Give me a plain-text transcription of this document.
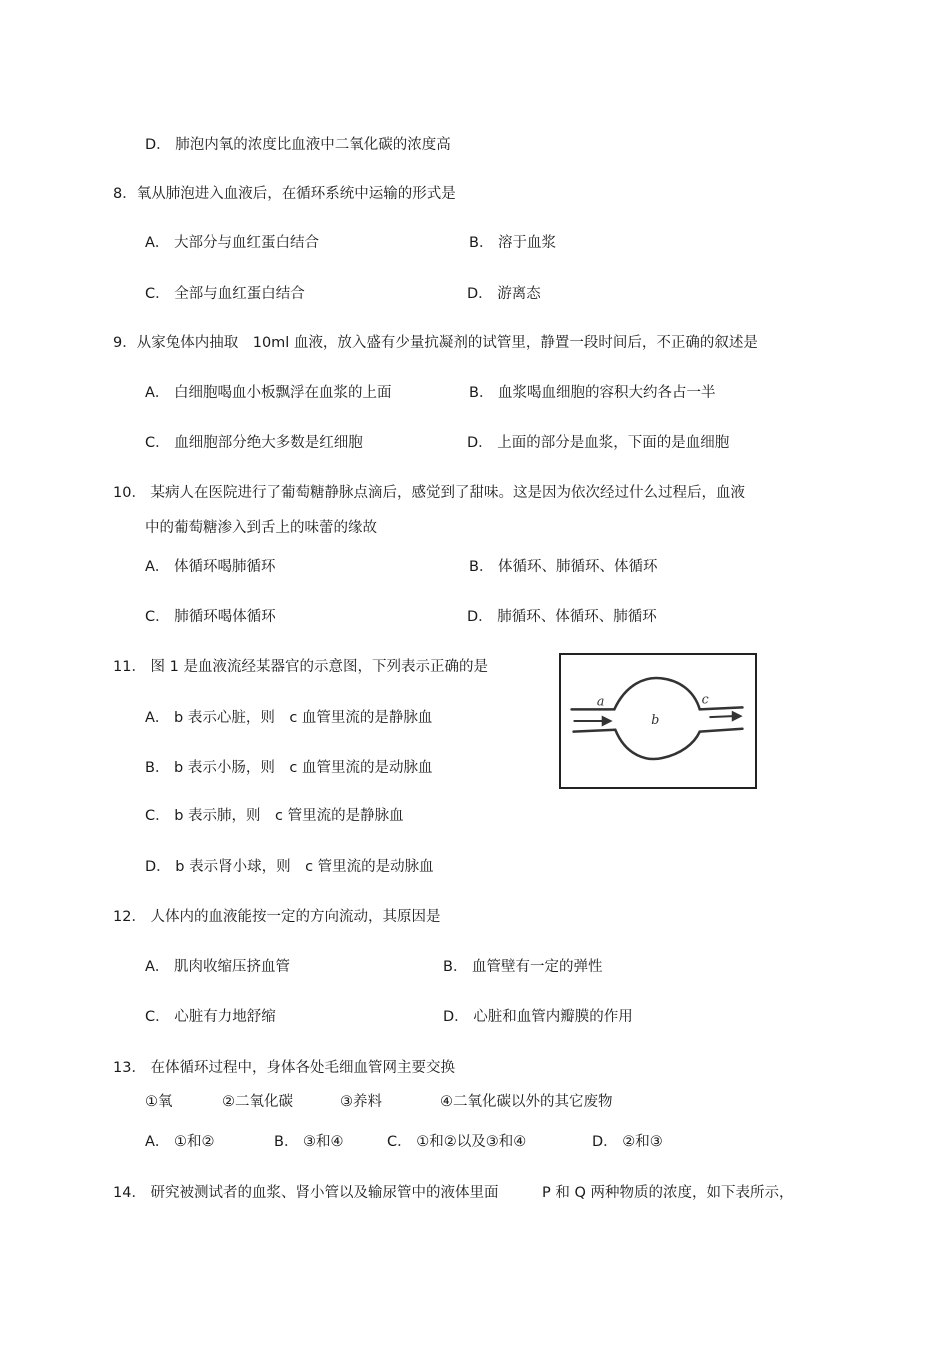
D． 肺泡内氧的浓度比血液中二氧化碳的浓度高
8．氧从肺泡进入血液后，在循环系统中运输的形式是
A． 大部分与血红蛋白结合	B． 溶于血浆
C． 全部与血红蛋白结合	D． 游离态
9．从家兔体内抽取　10ml 血液，放入盛有少量抗凝剂的试管里，静置一段时间后，不正确的叙述是
A． 白细胞喝血小板飘浮在血浆的上面	B． 血浆喝血细胞的容积大约各占一半
C． 血细胞部分绝大多数是红细胞	D． 上面的部分是血浆，下面的是血细胞
10． 某病人在医院进行了葡萄糖静脉点滴后，感觉到了甜味。这是因为依次经过什么过程后，血液
中的葡萄糖渗入到舌上的味蕾的缘故
A． 体循环喝肺循环	B． 体循环、肺循环、体循环
C． 肺循环喝体循环	D． 肺循环、体循环、肺循环
11． 图 1 是血液流经某器官的示意图，下列表示正确的是
A． b 表示心脏，则　c 血管里流的是静脉血
B． b 表示小肠，则　c 血管里流的是动脉血
C． b 表示肺，则　c 管里流的是静脉血
D． b 表示肾小球，则　c 管里流的是动脉血
a
b
c
12． 人体内的血液能按一定的方向流动，其原因是
A． 肌肉收缩压挤血管	B． 血管壁有一定的弹性
C． 心脏有力地舒缩	D． 心脏和血管内瓣膜的作用
13． 在体循环过程中，身体各处毛细血管网主要交换
①氧	②二氧化碳	③养料	④二氧化碳以外的其它废物
A． ①和②	B． ③和④	C． ①和②以及③和④	D． ②和③
14． 研究被测试者的血浆、肾小管以及输尿管中的液体里面　　　P 和 Q 两种物质的浓度，如下表所示，
